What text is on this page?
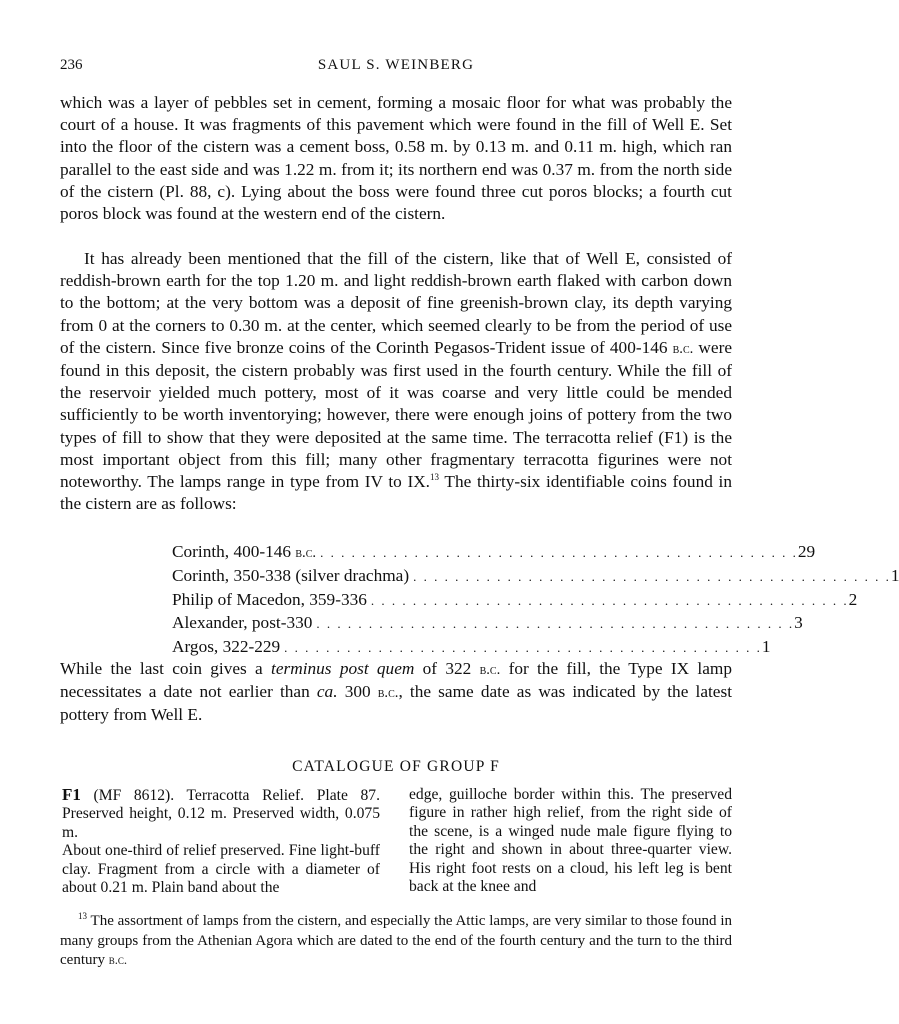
236	SAUL S. WEINBERG

which was a layer of pebbles set in cement, forming a mosaic floor for what was probably the court of a house. It was fragments of this pavement which were found in the fill of Well E. Set into the floor of the cistern was a cement boss, 0.58 m. by 0.13 m. and 0.11 m. high, which ran parallel to the east side and was 1.22 m. from it; its northern end was 0.37 m. from the north side of the cistern (Pl. 88, c). Lying about the boss were found three cut poros blocks; a fourth cut poros block was found at the western end of the cistern.

It has already been mentioned that the fill of the cistern, like that of Well E, consisted of reddish-brown earth for the top 1.20 m. and light reddish-brown earth flaked with carbon down to the bottom; at the very bottom was a deposit of fine greenish-brown clay, its depth varying from 0 at the corners to 0.30 m. at the center, which seemed clearly to be from the period of use of the cistern. Since five bronze coins of the Corinth Pegasos-Trident issue of 400-146 b.c. were found in this deposit, the cistern probably was first used in the fourth century. While the fill of the reservoir yielded much pottery, most of it was coarse and very little could be mended sufficiently to be worth inventorying; however, there were enough joins of pottery from the two types of fill to show that they were deposited at the same time. The terracotta relief (F1) is the most important object from this fill; many other fragmentary terracotta figurines were not noteworthy. The lamps range in type from IV to IX.$^{13}$ The thirty-six identifiable coins found in the cistern are as follows:

Corinth, 400-146 b.c. . . . . . . . . . . . . . . . . . . . . . . . . . . . . . . . . . . . . . . . . . . . . . . 29
Corinth, 350-338 (silver drachma) . . . . . . . . . . . . . . . . . . . . . . . . . . . . . . . . . . . . . . . . . . . . . . 1
Philip of Macedon, 359-336 . . . . . . . . . . . . . . . . . . . . . . . . . . . . . . . . . . . . . . . . . . . . . . 2
Alexander, post-330 . . . . . . . . . . . . . . . . . . . . . . . . . . . . . . . . . . . . . . . . . . . . . . 3
Argos, 322-229 . . . . . . . . . . . . . . . . . . . . . . . . . . . . . . . . . . . . . . . . . . . . . . 1

While the last coin gives a terminus post quem of 322 b.c. for the fill, the Type IX lamp necessitates a date not earlier than ca. 300 b.c., the same date as was indicated by the latest pottery from Well E.

CATALOGUE OF GROUP F

F1 (MF 8612). Terracotta Relief. Plate 87. Preserved height, 0.12 m. Preserved width, 0.075 m.

About one-third of relief preserved. Fine light-buff clay. Fragment from a circle with a diameter of about 0.21 m. Plain band about the

edge, guilloche border within this. The preserved figure in rather high relief, from the right side of the scene, is a winged nude male figure flying to the right and shown in about three-quarter view. His right foot rests on a cloud, his left leg is bent back at the knee and

$^{13}$ The assortment of lamps from the cistern, and especially the Attic lamps, are very similar to those found in many groups from the Athenian Agora which are dated to the end of the fourth century and the turn to the third century b.c.
